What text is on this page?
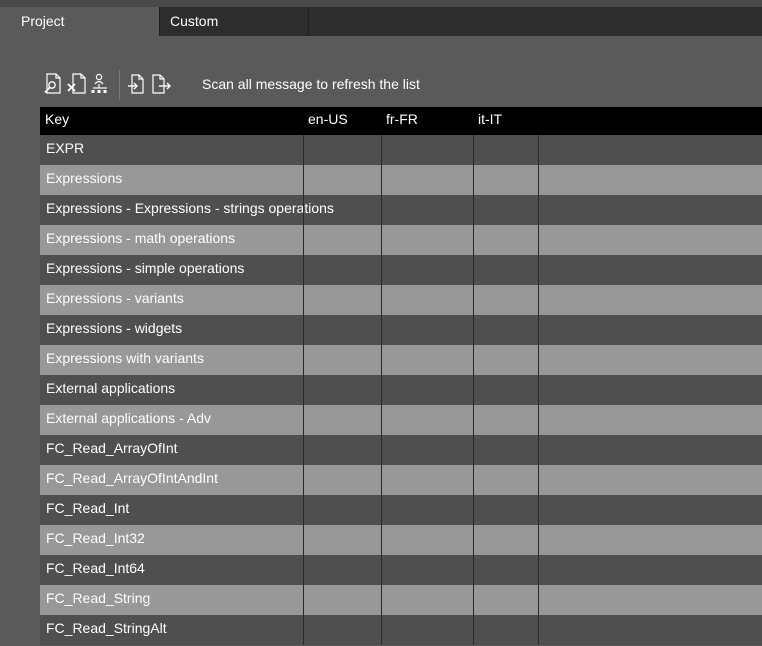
Project	Custom
Scan all message to refresh the list
Key	en-US	fr-FR	it-IT
EXPR
Expressions
Expressions - Expressions - strings operations
Expressions - math operations
Expressions - simple operations
Expressions - variants
Expressions - widgets
Expressions with variants
External applications
External applications - Adv
FC_Read_ArrayOfInt
FC_Read_ArrayOfIntAndInt
FC_Read_Int
FC_Read_Int32
FC_Read_Int64
FC_Read_String
FC_Read_StringAlt
